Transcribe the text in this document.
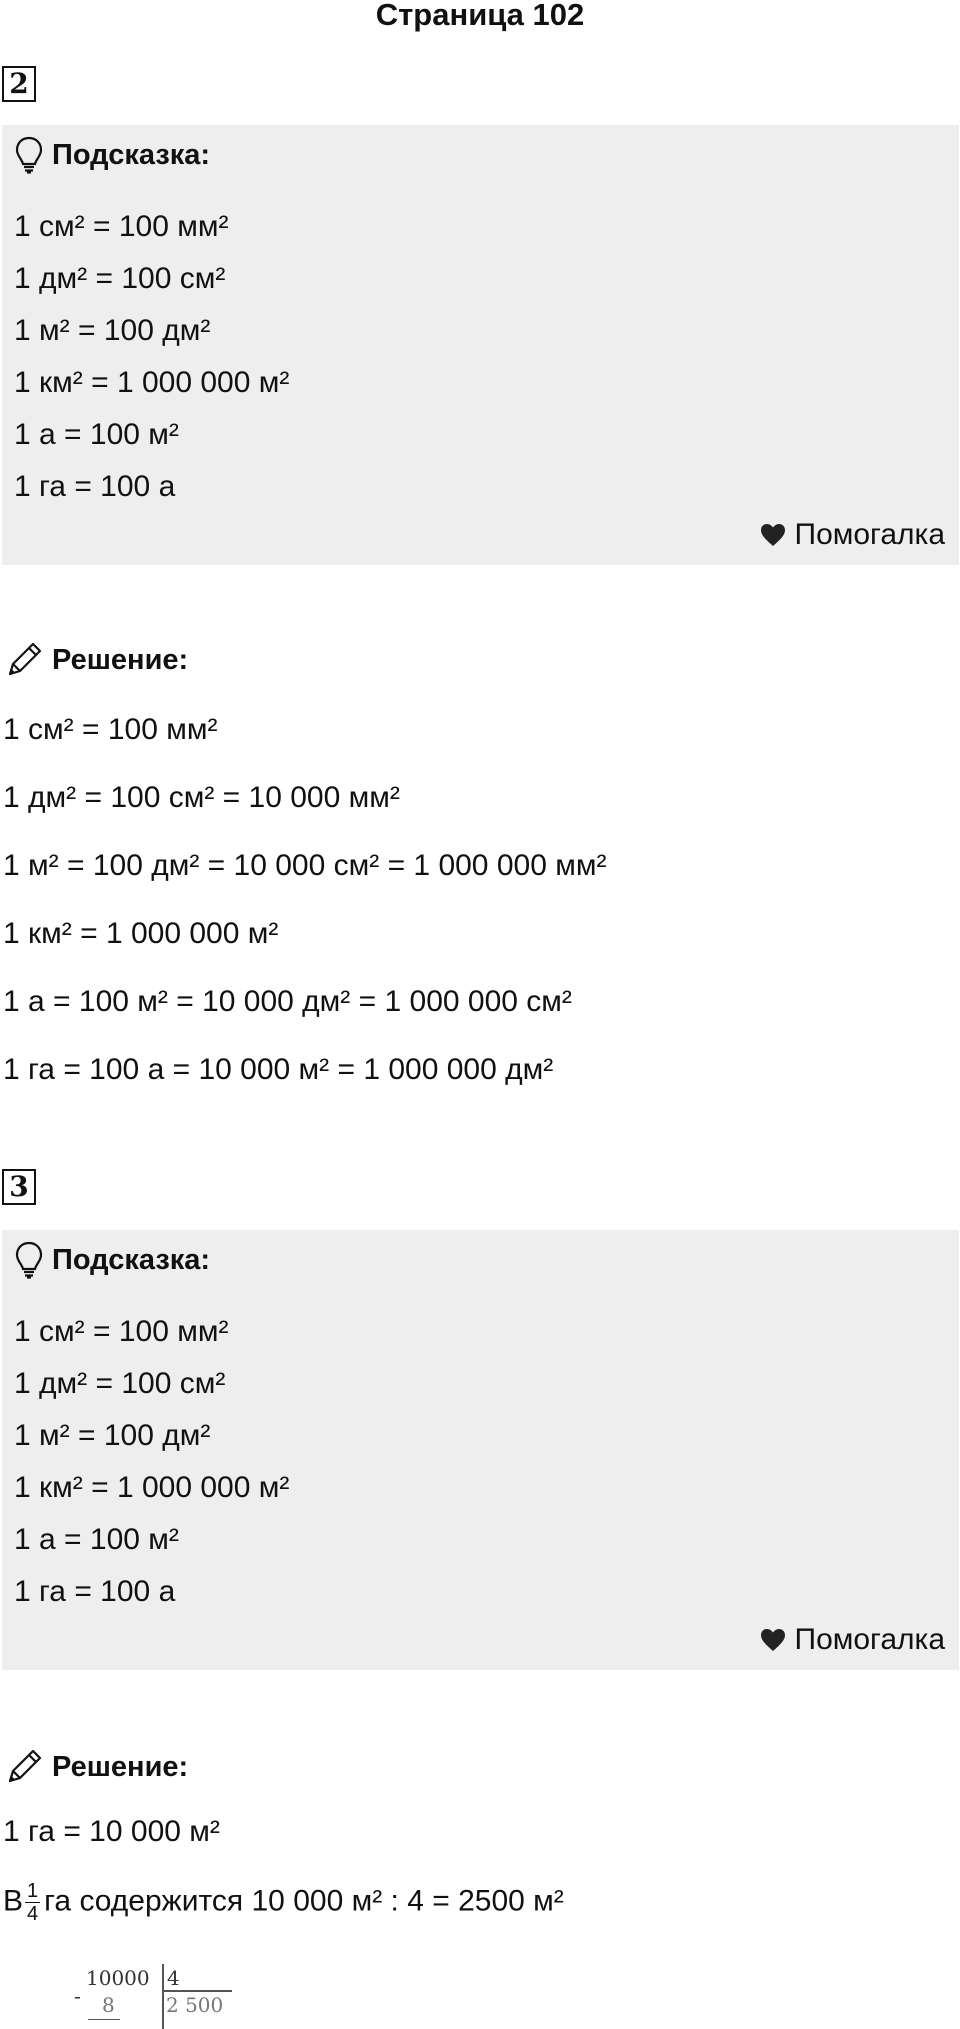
Страница 102
2
Подсказка:
1 см² = 100 мм²
1 дм² = 100 см²
1 м² = 100 дм²
1 км² = 1 000 000 м²
1 а = 100 м²
1 га = 100 а
Помогалка
Решение:
1 см² = 100 мм²
1 дм² = 100 см² = 10 000 мм²
1 м² = 100 дм² = 10 000 см² = 1 000 000 мм²
1 км² = 1 000 000 м²
1 а = 100 м² = 10 000 дм² = 1 000 000 см²
1 га = 100 а = 10 000 м² = 1 000 000 дм²
3
Подсказка:
1 см² = 100 мм²
1 дм² = 100 см²
1 м² = 100 дм²
1 км² = 1 000 000 м²
1 а = 100 м²
1 га = 100 а
Помогалка
Решение:
1 га = 10 000 м²
В $\frac{1}{4}$ га содержится 10 000 м² : 4 = 2500 м²
-
10000 4
8	2 500
